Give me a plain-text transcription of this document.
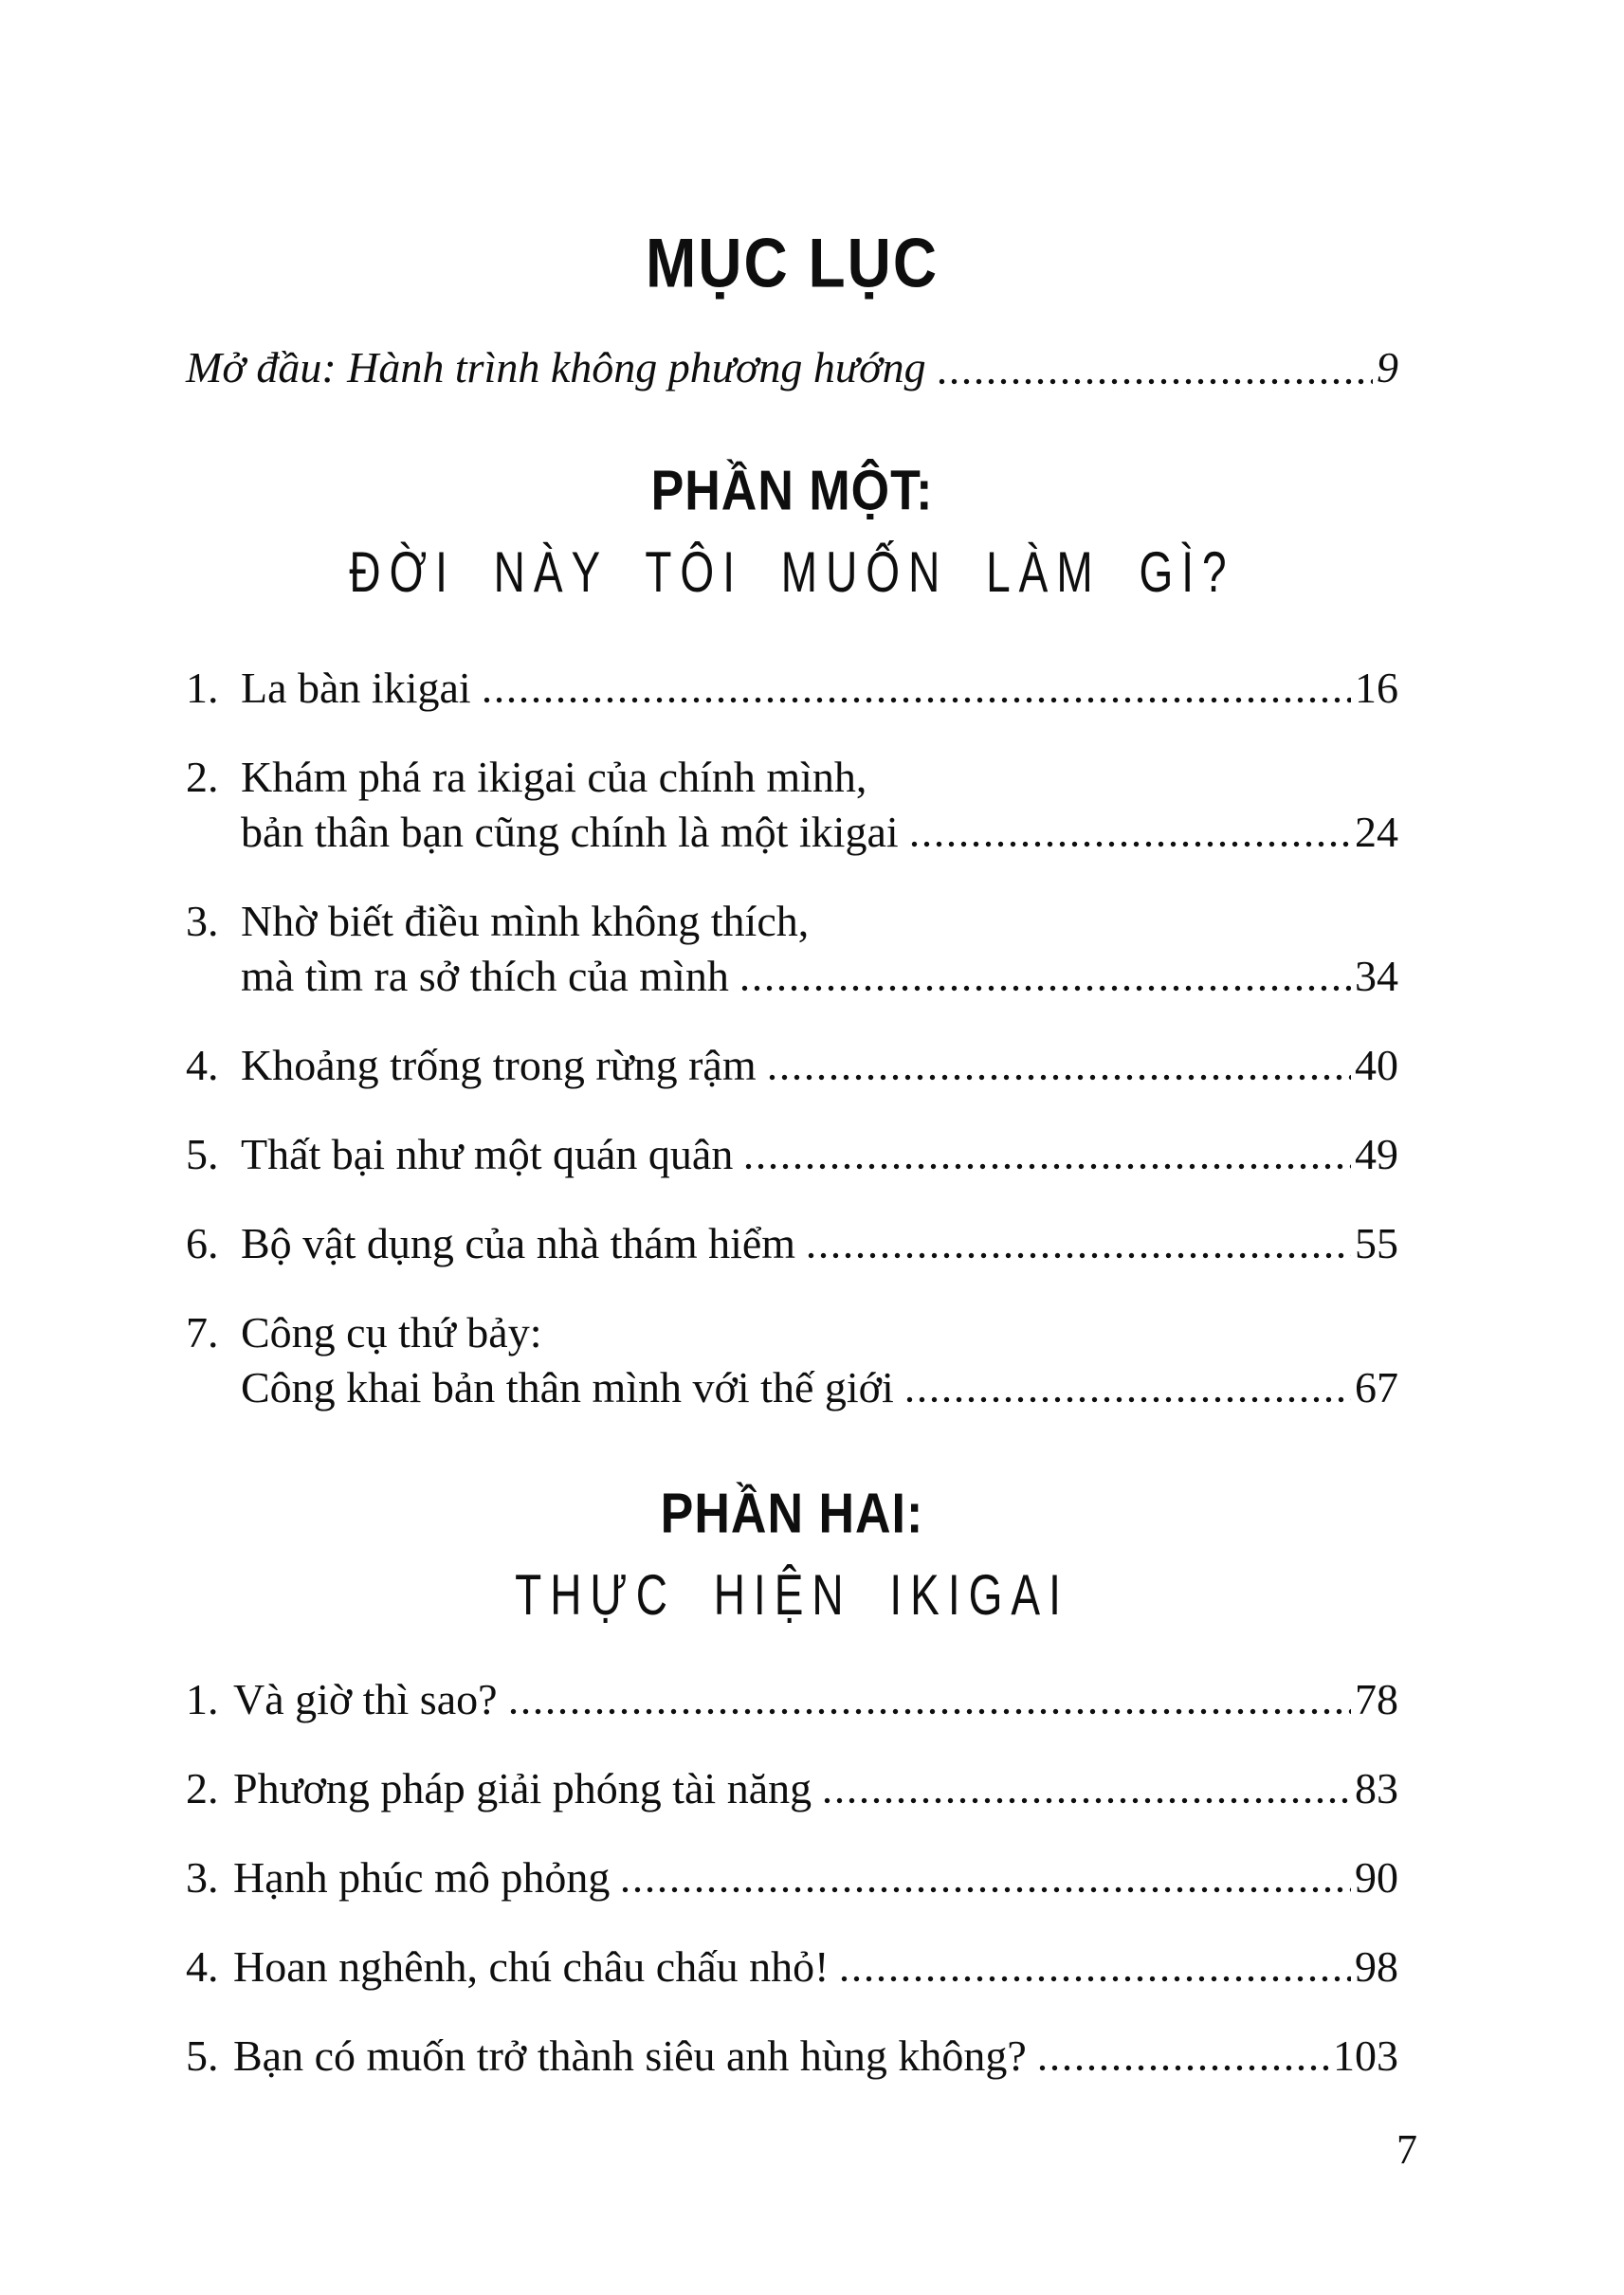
MỤC LỤC
Mở đầu: Hành trình không phương hướng	9
PHẦN MỘT:
ĐỜI NÀY TÔI MUỐN LÀM GÌ?
1. La bàn ikigai	16
2. Khám phá ra ikigai của chính mình,
bản thân bạn cũng chính là một ikigai	24
3. Nhờ biết điều mình không thích,
mà tìm ra sở thích của mình	34
4. Khoảng trống trong rừng rậm	40
5. Thất bại như một quán quân	49
6. Bộ vật dụng của nhà thám hiểm	55
7. Công cụ thứ bảy:
Công khai bản thân mình với thế giới	67
PHẦN HAI:
THỰC HIỆN IKIGAI
1. Và giờ thì sao?	78
2. Phương pháp giải phóng tài năng	83
3. Hạnh phúc mô phỏng	90
4. Hoan nghênh, chú châu chấu nhỏ!	98
5. Bạn có muốn trở thành siêu anh hùng không?	103
7
